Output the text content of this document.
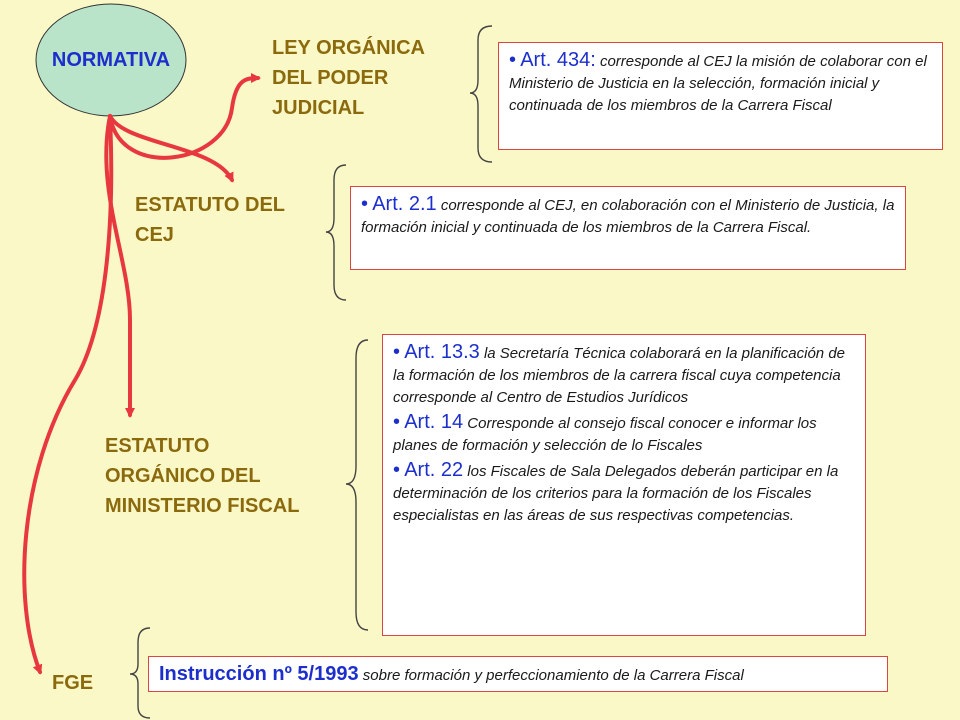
NORMATIVA
LEY ORGÁNICA
DEL PODER
JUDICIAL
• Art. 434: corresponde al CEJ la misión de colaborar con el Ministerio de Justicia en la selección, formación inicial y continuada de los miembros de la Carrera Fiscal
ESTATUTO DEL
CEJ
• Art. 2.1 corresponde al CEJ, en colaboración con el Ministerio de Justicia, la formación inicial y continuada de los miembros de la Carrera Fiscal.
ESTATUTO
ORGÁNICO DEL
MINISTERIO FISCAL
• Art. 13.3 la Secretaría Técnica colaborará en la planificación de la formación de los miembros de la carrera fiscal cuya competencia corresponde al Centro de Estudios Jurídicos
• Art. 14 Corresponde al consejo fiscal conocer e informar los planes de formación y selección de lo Fiscales
• Art. 22 los Fiscales de Sala Delegados deberán participar en la determinación de los criterios para la formación de los Fiscales especialistas en las áreas de sus respectivas competencias.
FGE	Instrucción nº 5/1993 sobre formación y perfeccionamiento de la Carrera Fiscal
